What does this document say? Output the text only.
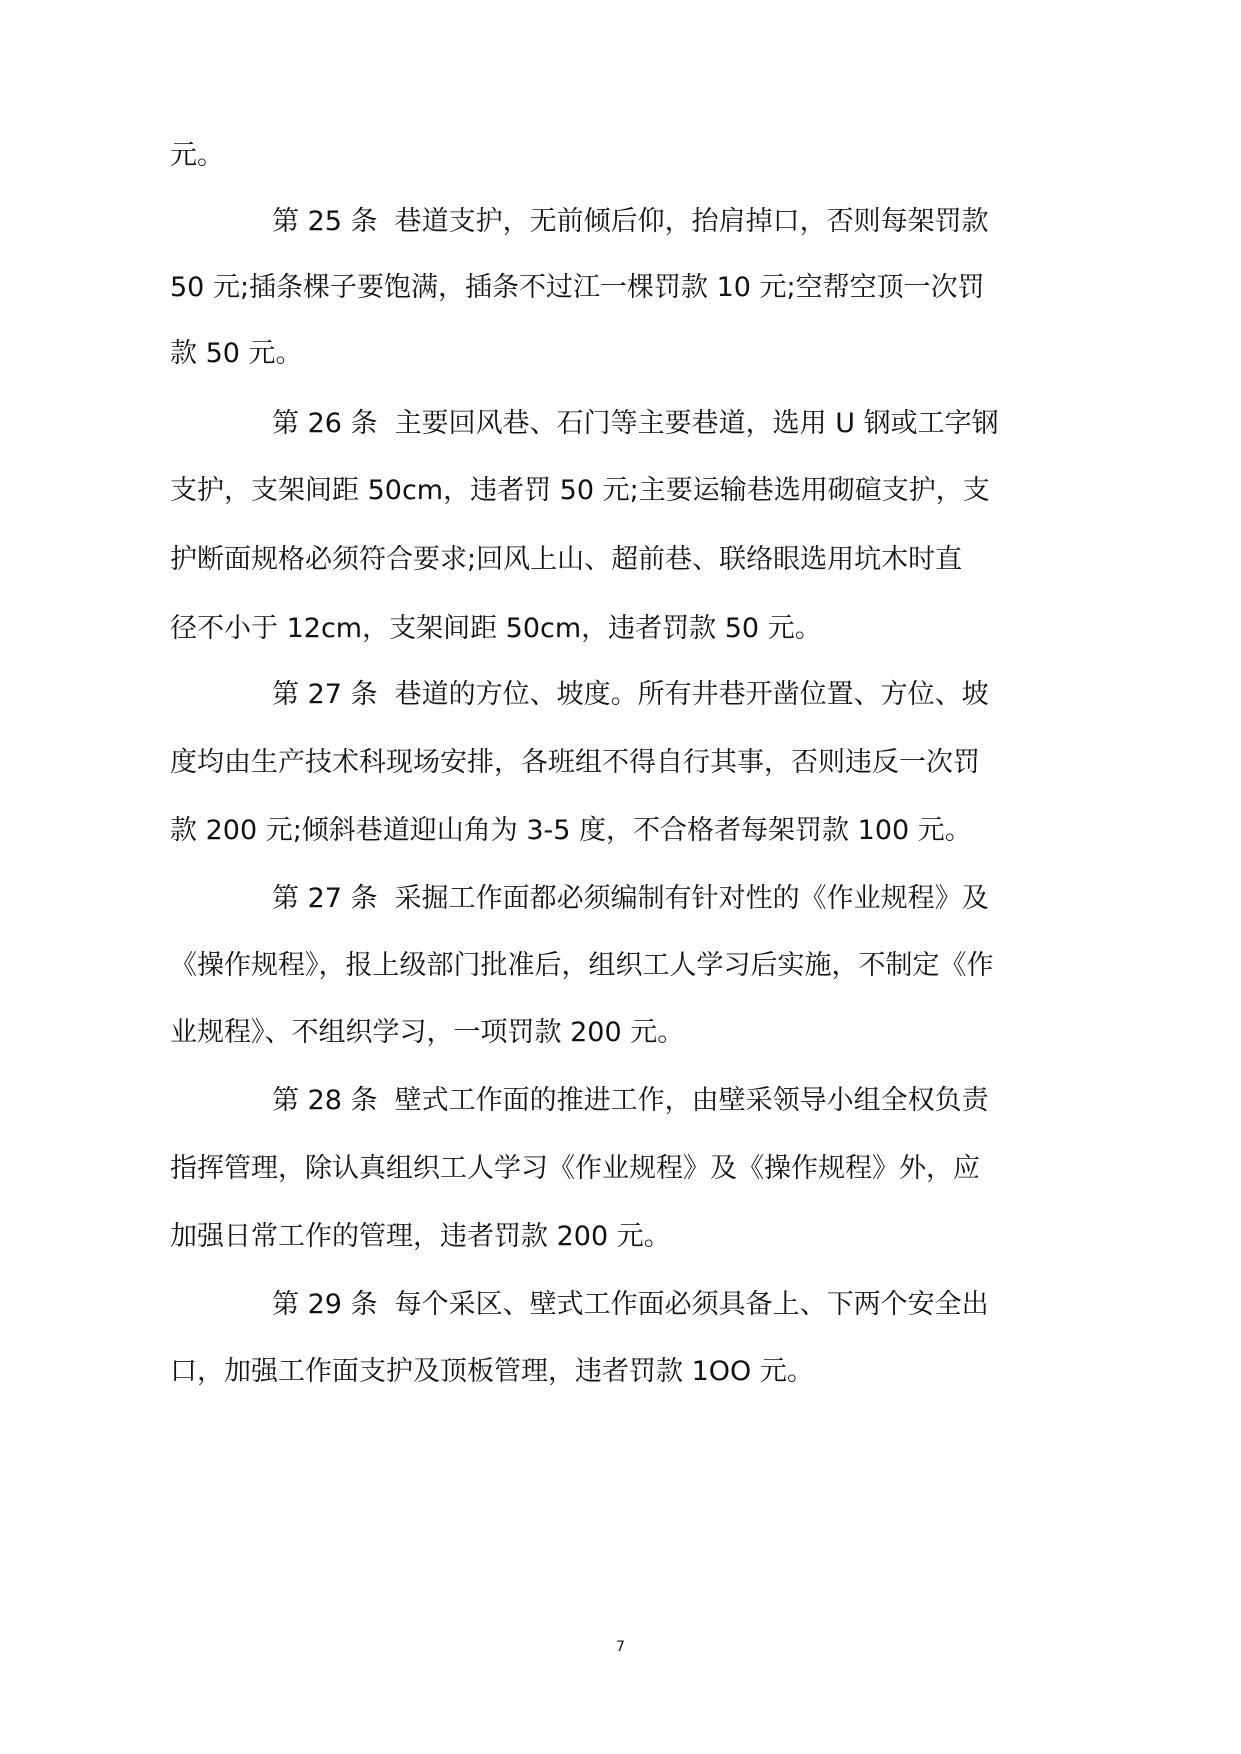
元。
第 25 条  巷道支护，无前倾后仰，抬肩掉口，否则每架罚款
50 元;插条棵子要饱满，插条不过江一棵罚款 10 元;空帮空顶一次罚
款 50 元。
第 26 条  主要回风巷、石门等主要巷道，选用 U 钢或工字钢
支护，支架间距 50cm，违者罚 50 元;主要运输巷选用砌碹支护，支
护断面规格必须符合要求;回风上山、超前巷、联络眼选用坑木时直
径不小于 12cm，支架间距 50cm，违者罚款 50 元。
第 27 条  巷道的方位、坡度。所有井巷开凿位置、方位、坡
度均由生产技术科现场安排，各班组不得自行其事，否则违反一次罚
款 200 元;倾斜巷道迎山角为 3-5 度，不合格者每架罚款 100 元。
第 27 条  采掘工作面都必须编制有针对性的《作业规程》及
《操作规程》，报上级部门批准后，组织工人学习后实施，不制定《作
业规程》、不组织学习，一项罚款 200 元。
第 28 条  壁式工作面的推进工作，由壁采领导小组全权负责
指挥管理，除认真组织工人学习《作业规程》及《操作规程》外，应
加强日常工作的管理，违者罚款 200 元。
第 29 条  每个采区、壁式工作面必须具备上、下两个安全出
口，加强工作面支护及顶板管理，违者罚款 1OO 元。
7
